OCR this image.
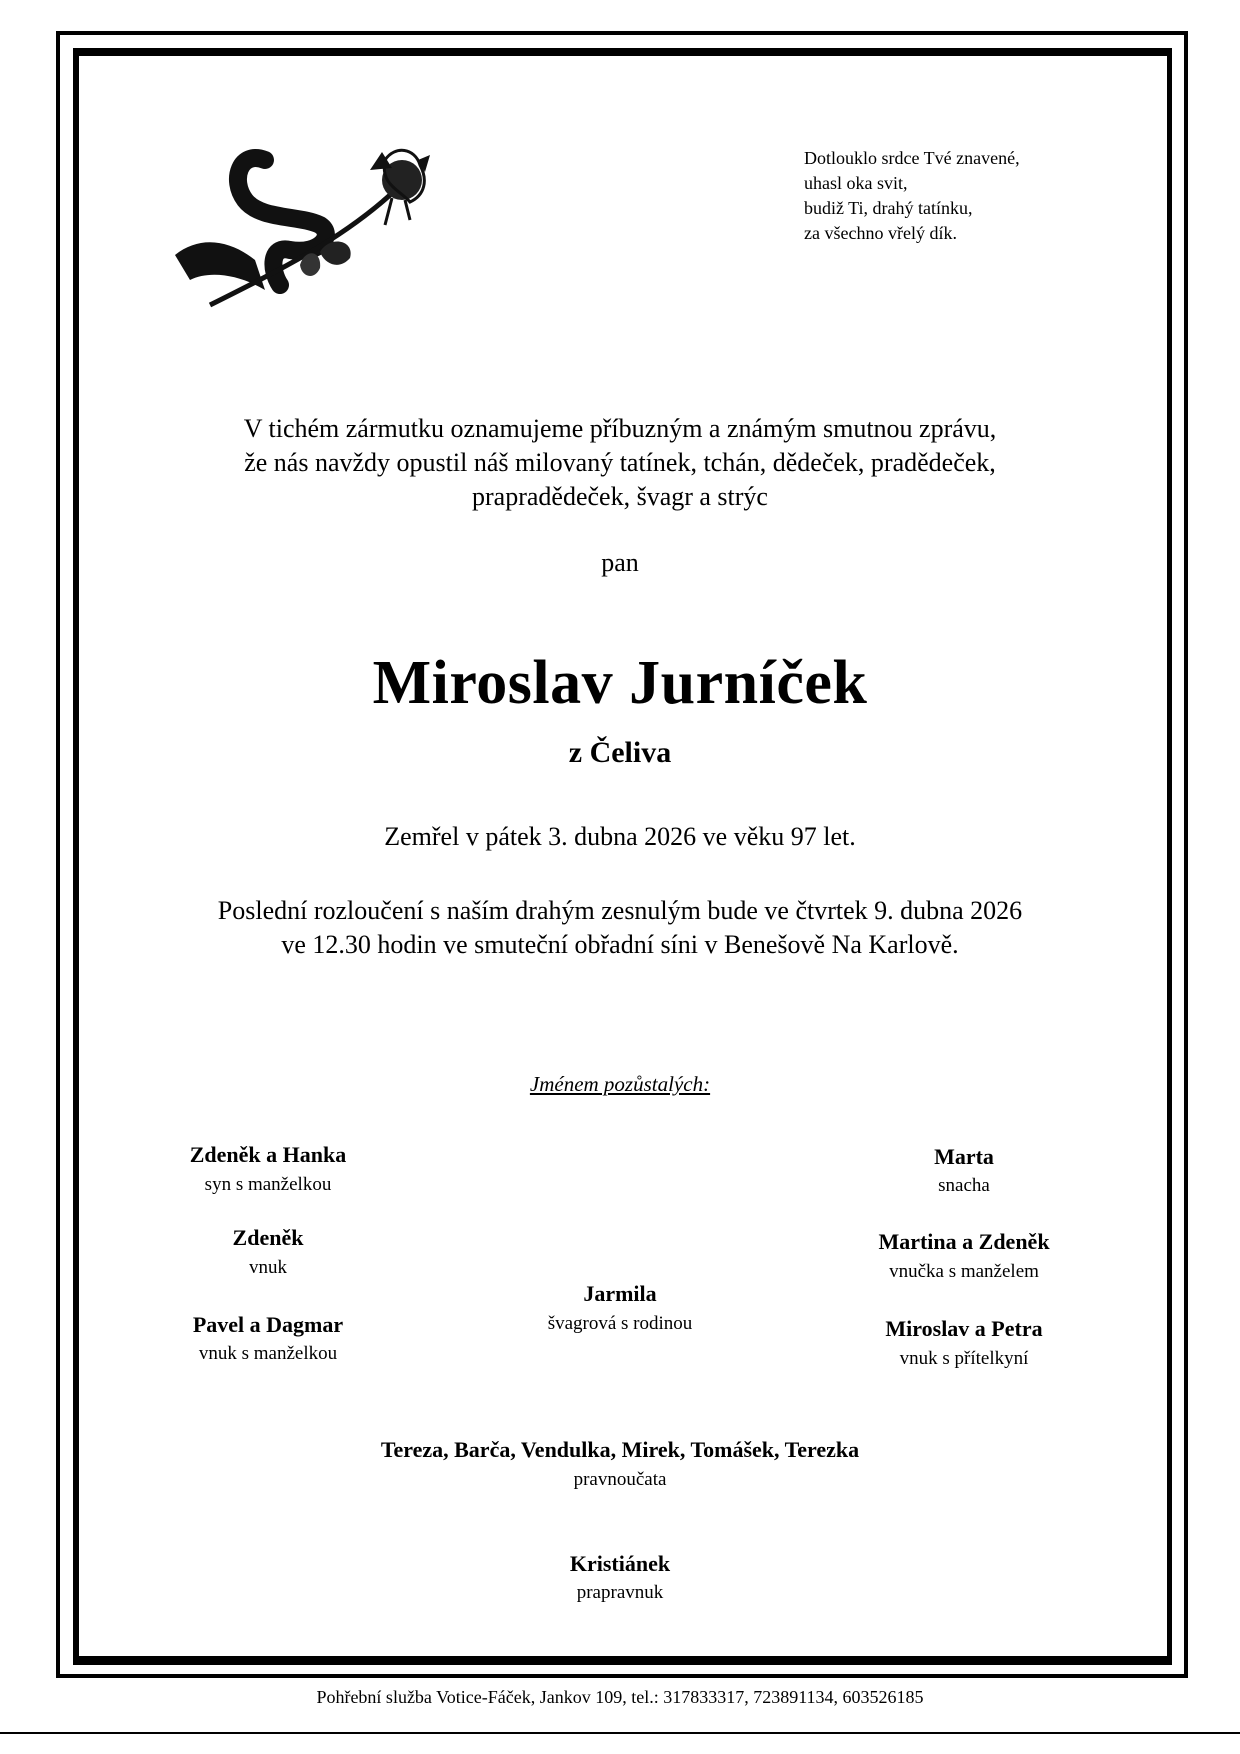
Dotlouklo srdce Tvé znavené,
uhasl oka svit,
budiž Ti, drahý tatínku,
za všechno vřelý dík.
V tichém zármutku oznamujeme příbuzným a známým smutnou zprávu,
že nás navždy opustil náš milovaný tatínek, tchán, dědeček, pradědeček,
prapradědeček, švagr a strýc
pan
Miroslav Jurníček
z Čeliva
Zemřel v pátek 3. dubna 2026 ve věku 97 let.
Poslední rozloučení s naším drahým zesnulým bude ve čtvrtek 9. dubna 2026
ve 12.30 hodin ve smuteční obřadní síni v Benešově Na Karlově.
Jménem pozůstalých:
Zdeněk a Hanka
syn s manželkou
Zdeněk
vnuk
Pavel a Dagmar
vnuk s manželkou
Jarmila
švagrová s rodinou
Marta
snacha
Martina a Zdeněk
vnučka s manželem
Miroslav a Petra
vnuk s přítelkyní
Tereza, Barča, Vendulka, Mirek, Tomášek, Terezka
pravnoučata
Kristiánek
prapravnuk
Pohřební služba Votice-Fáček, Jankov 109, tel.: 317833317, 723891134, 603526185
